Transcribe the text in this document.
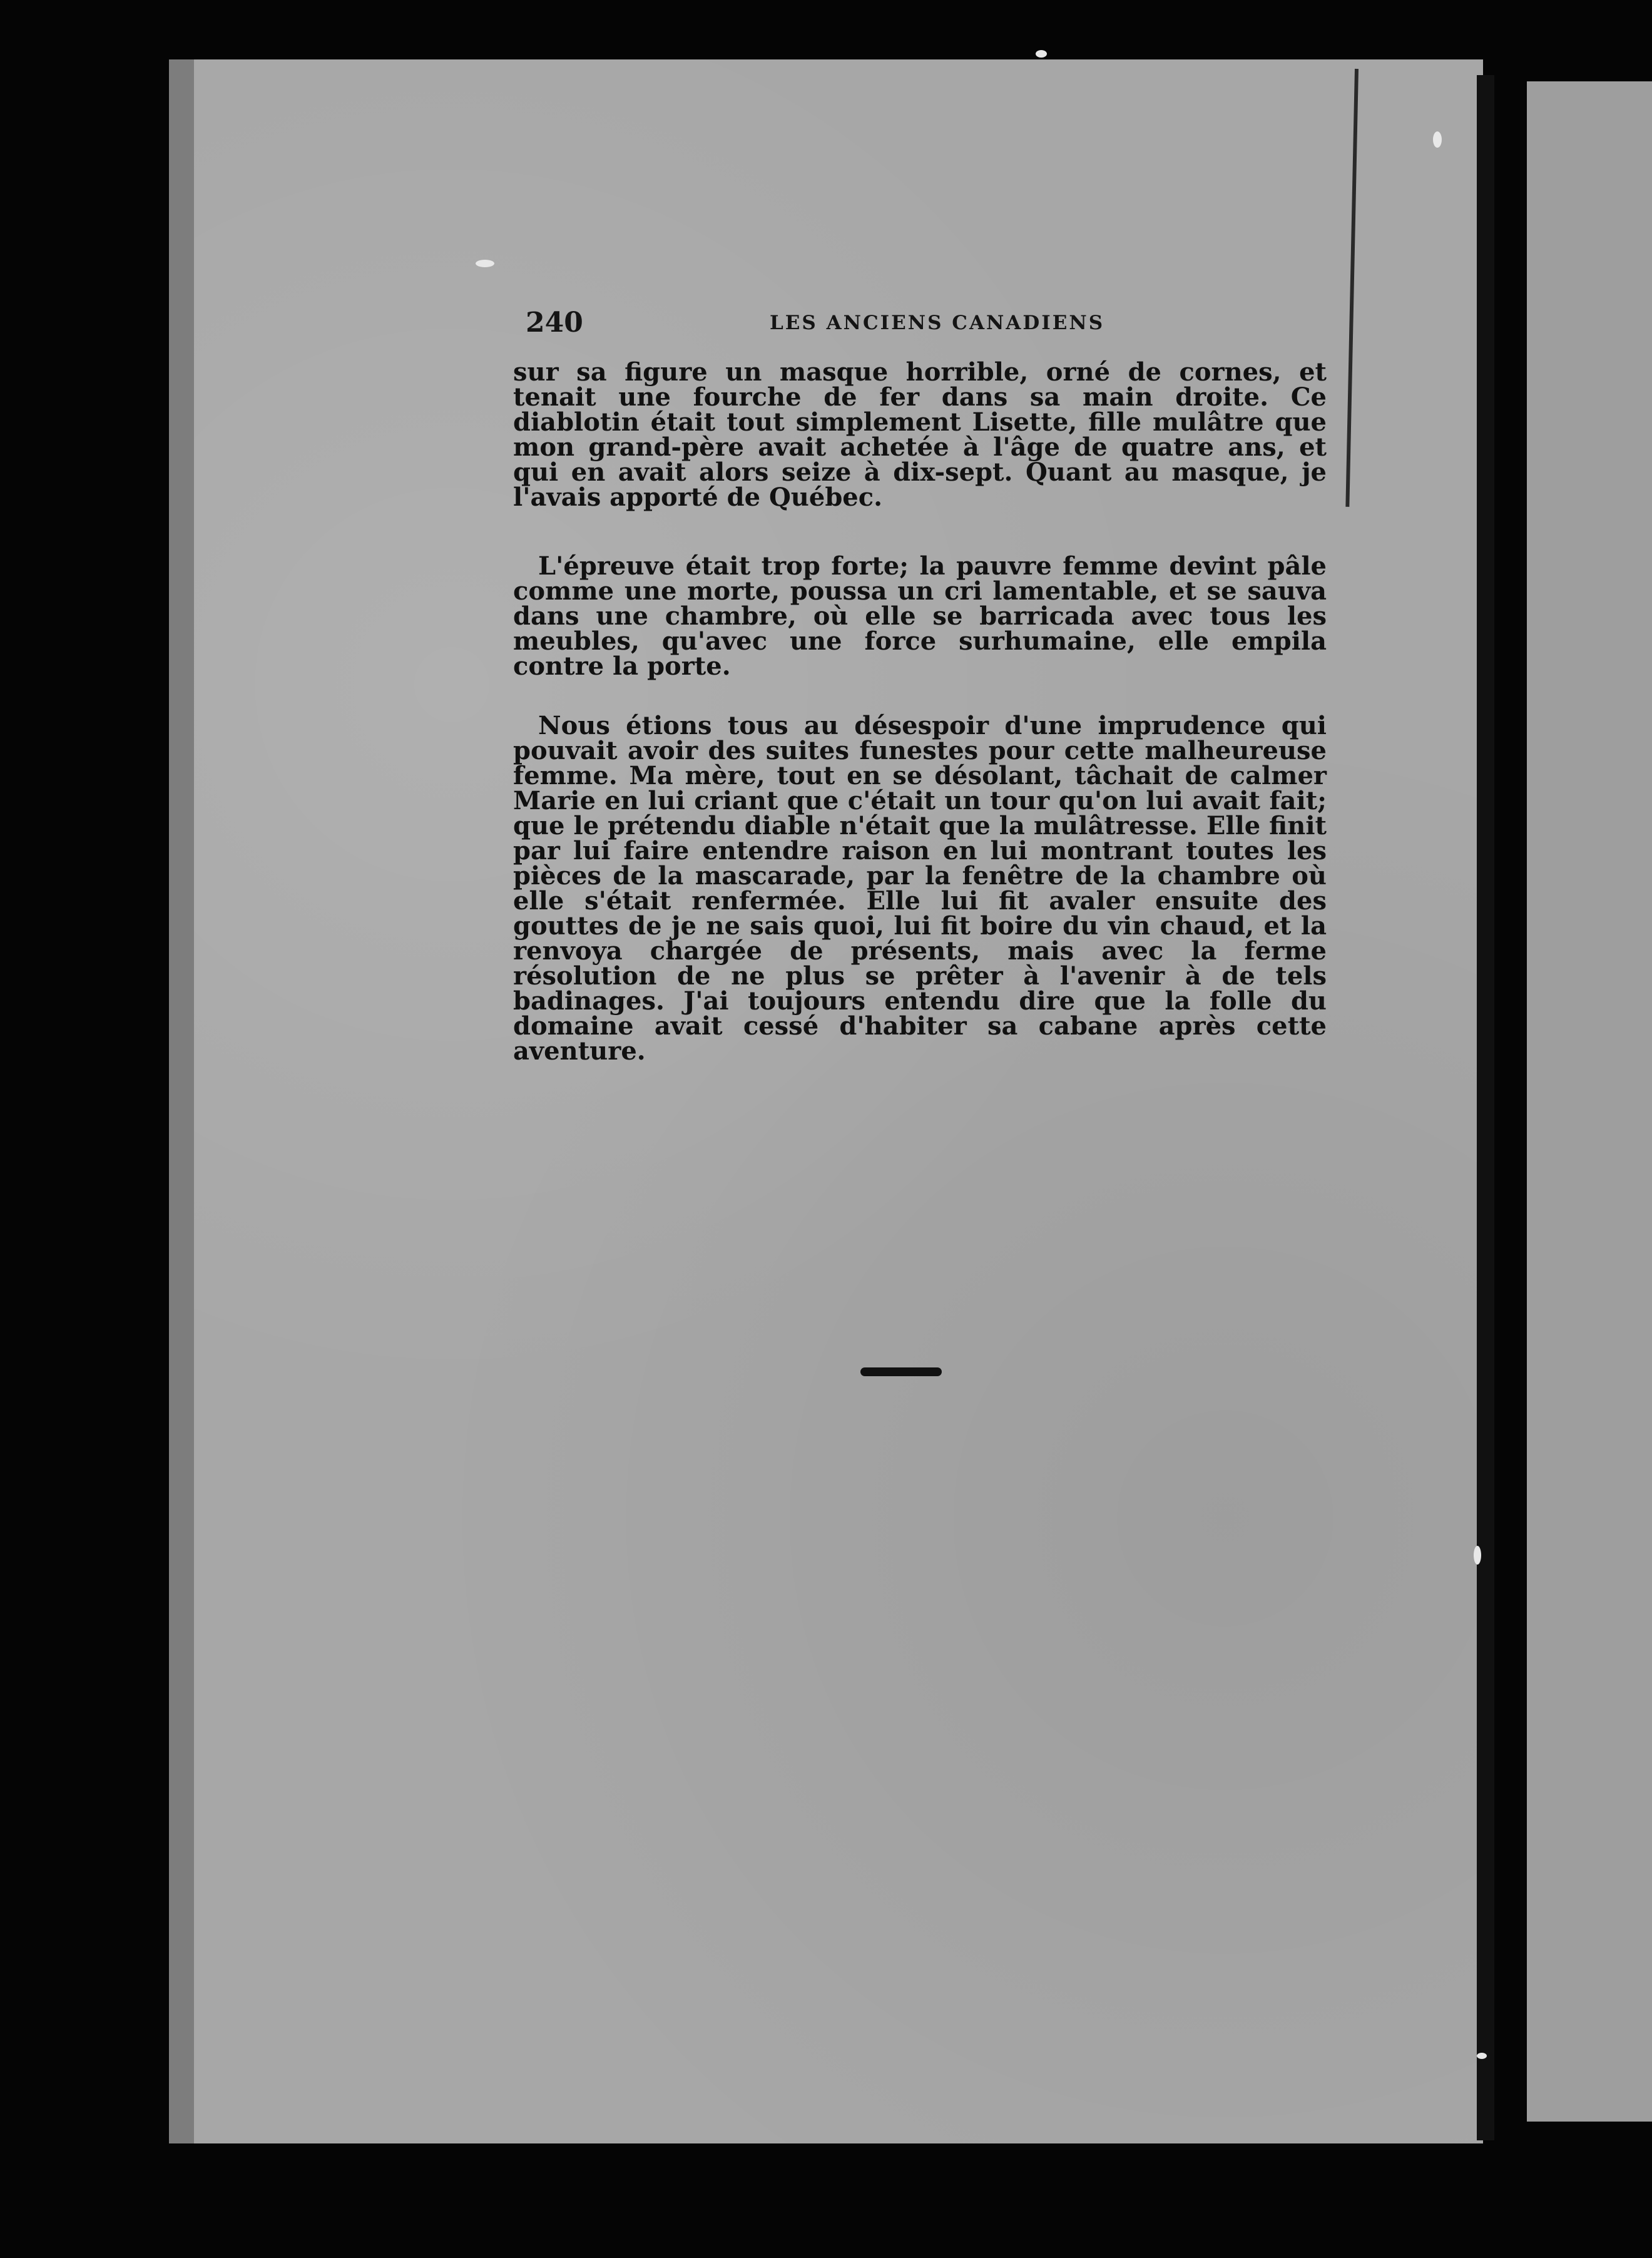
240	LES ANCIENS CANADIENS

sur sa figure un masque horrible, orné de cornes, et tenait une fourche de fer dans sa main droite. Ce diablotin était tout simplement Lisette, fille mulâtre que mon grand-père avait achetée à l'âge de quatre ans, et qui en avait alors seize à dix-sept. Quant au masque, je l'avais apporté de Québec.

L'épreuve était trop forte; la pauvre femme devint pâle comme une morte, poussa un cri lamentable, et se sauva dans une chambre, où elle se barricada avec tous les meubles, qu'avec une force surhumaine, elle empila contre la porte.

Nous étions tous au désespoir d'une imprudence qui pouvait avoir des suites funestes pour cette malheureuse femme. Ma mère, tout en se désolant, tâchait de calmer Marie en lui criant que c'était un tour qu'on lui avait fait; que le prétendu diable n'était que la mulâtresse. Elle finit par lui faire entendre raison en lui montrant toutes les pièces de la mascarade, par la fenêtre de la chambre où elle s'était renfermée. Elle lui fit avaler ensuite des gouttes de je ne sais quoi, lui fit boire du vin chaud, et la renvoya chargée de présents, mais avec la ferme résolution de ne plus se prêter à l'avenir à de tels badinages. J'ai toujours entendu dire que la folle du domaine avait cessé d'habiter sa cabane après cette aventure.
